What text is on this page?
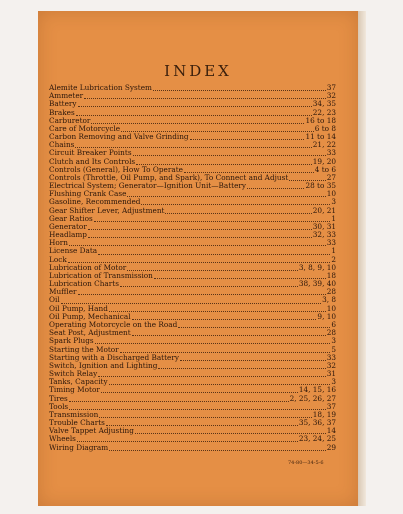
INDEX
Alemite Lubrication System	37
Ammeter	32
Battery	34, 35
Brakes	22, 23
Carburetor	16 to 18
Care of Motorcycle	6 to 8
Carbon Removing and Valve Grinding	11 to 14
Chains	21, 22
Circuit Breaker Points	33
Clutch and Its Controls	19, 20
Controls (General), How To Operate	4 to 6
Controls (Throttle, Oil Pump, and Spark), To Connect and Adjust	27
Electrical System; Generator—Ignition Unit—Battery	28 to 35
Flushing Crank Case	10
Gasoline, Recommended	3
Gear Shifter Lever, Adjustment	20, 21
Gear Ratios	1
Generator	30, 31
Headlamp	32, 33
Horn	33
License Data	1
Lock	2
Lubrication of Motor	3, 8, 9, 10
Lubrication of Transmission	18
Lubrication Charts	38, 39, 40
Muffler	28
Oil	3, 8
Oil Pump, Hand	10
Oil Pump, Mechanical	9, 10
Operating Motorcycle on the Road	6
Seat Post, Adjustment	28
Spark Plugs	3
Starting the Motor	5
Starting with a Discharged Battery	33
Switch, Ignition and Lighting	32
Switch Relay	31
Tanks, Capacity	3
Timing Motor	14, 15, 16
Tires	2, 25, 26, 27
Tools	37
Transmission	18, 19
Trouble Charts	35, 36, 37
Valve Tappet Adjusting	14
Wheels	23, 24, 25
Wiring Diagram	29
74-80—34-5-6
